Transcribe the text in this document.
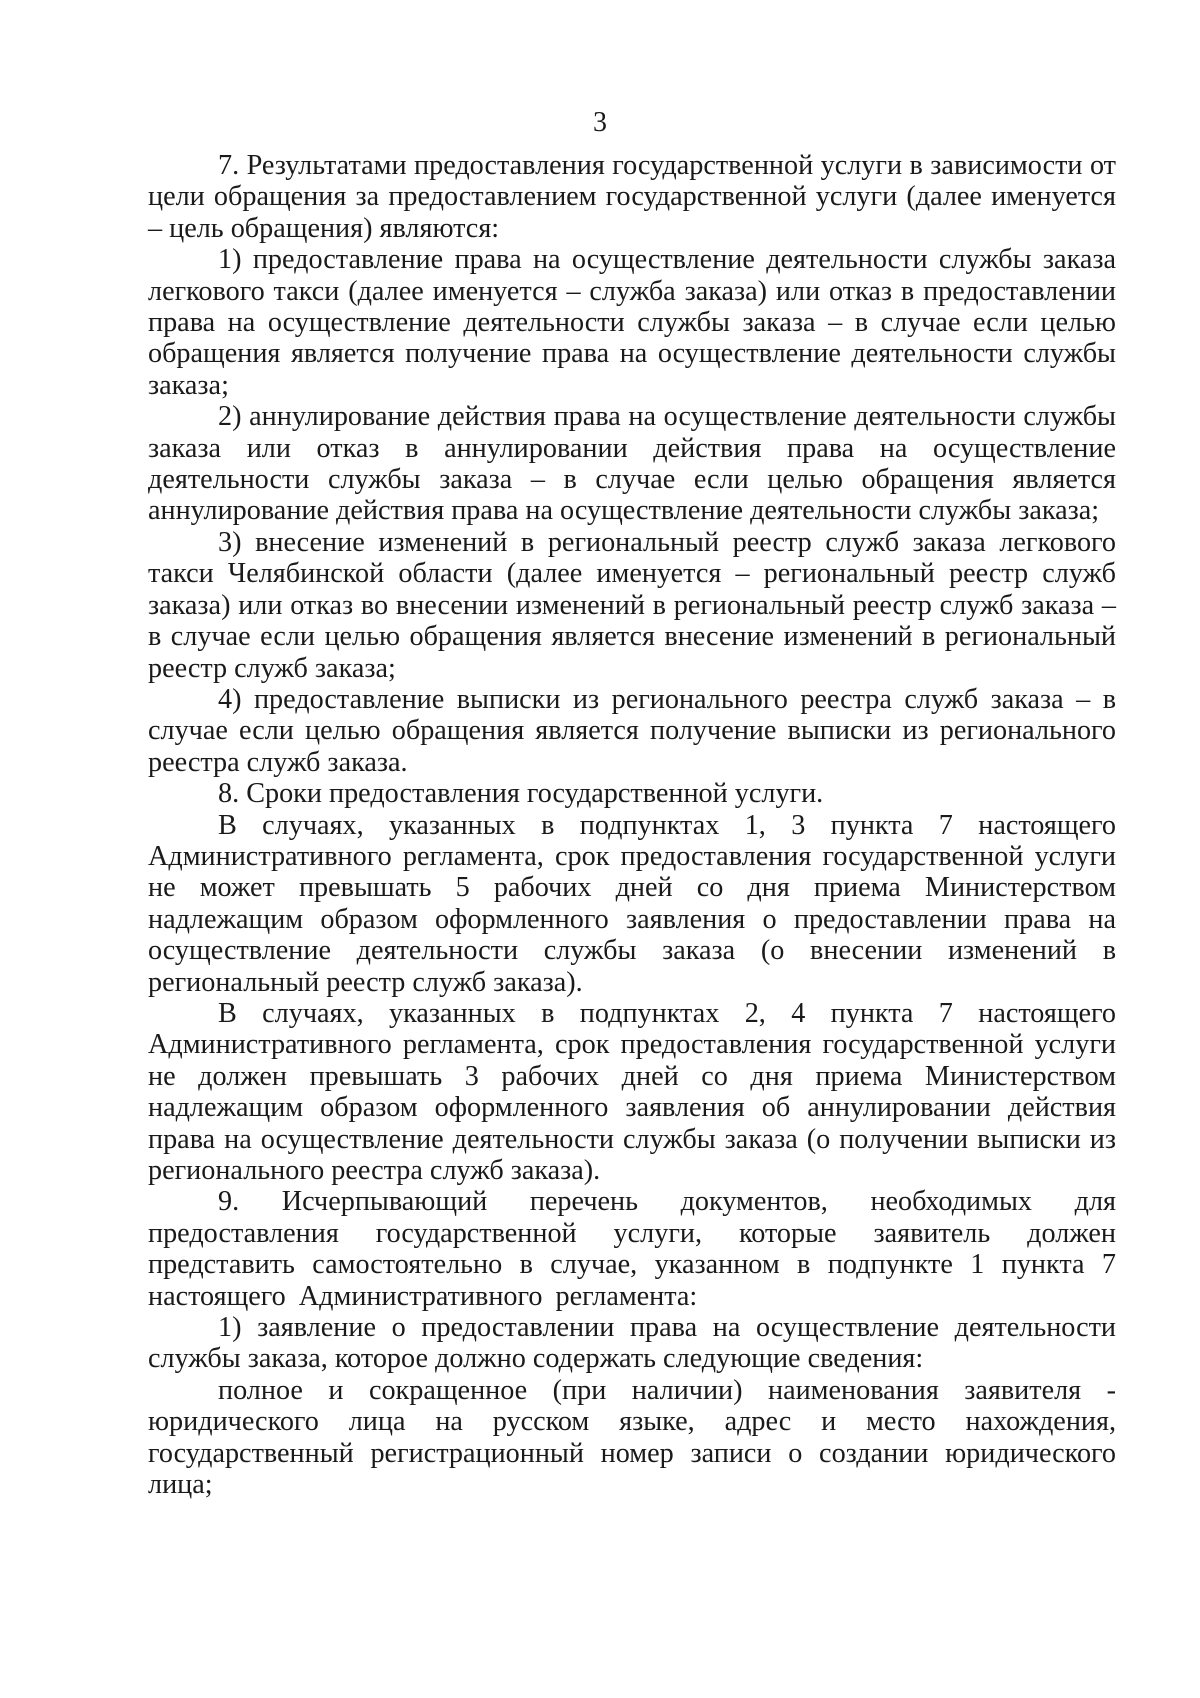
3

7. Результатами предоставления государственной услуги в зависимости от цели обращения за предоставлением государственной услуги (далее именуется – цель обращения) являются:

1) предоставление права на осуществление деятельности службы заказа легкового такси (далее именуется – служба заказа) или отказ в предоставлении права на осуществление деятельности службы заказа – в случае если целью обращения является получение права на осуществление деятельности службы заказа;

2) аннулирование действия права на осуществление деятельности службы заказа или отказ в аннулировании действия права на осуществление деятельности службы заказа – в случае если целью обращения является аннулирование действия права на осуществление деятельности службы заказа;

3) внесение изменений в региональный реестр служб заказа легкового такси Челябинской области (далее именуется – региональный реестр служб заказа) или отказ во внесении изменений в региональный реестр служб заказа – в случае если целью обращения является внесение изменений в региональный реестр служб заказа;

4) предоставление выписки из регионального реестра служб заказа – в случае если целью обращения является получение выписки из регионального реестра служб заказа.

8. Сроки предоставления государственной услуги.

В случаях, указанных в подпунктах 1, 3 пункта 7 настоящего Административного регламента, срок предоставления государственной услуги не может превышать 5 рабочих дней со дня приема Министерством надлежащим образом оформленного заявления о предоставлении права на осуществление деятельности службы заказа (о внесении изменений в региональный реестр служб заказа).

В случаях, указанных в подпунктах 2, 4 пункта 7 настоящего Административного регламента, срок предоставления государственной услуги не должен превышать 3 рабочих дней со дня приема Министерством надлежащим образом оформленного заявления об аннулировании действия права на осуществление деятельности службы заказа (о получении выписки из регионального реестра служб заказа).

9. Исчерпывающий перечень документов, необходимых для предоставления государственной услуги, которые заявитель должен представить самостоятельно в случае, указанном в подпункте 1 пункта 7 настоящего Административного регламента:

1) заявление о предоставлении права на осуществление деятельности службы заказа, которое должно содержать следующие сведения:

полное и сокращенное (при наличии) наименования заявителя - юридического лица на русском языке, адрес и место нахождения, государственный регистрационный номер записи о создании юридического лица;
